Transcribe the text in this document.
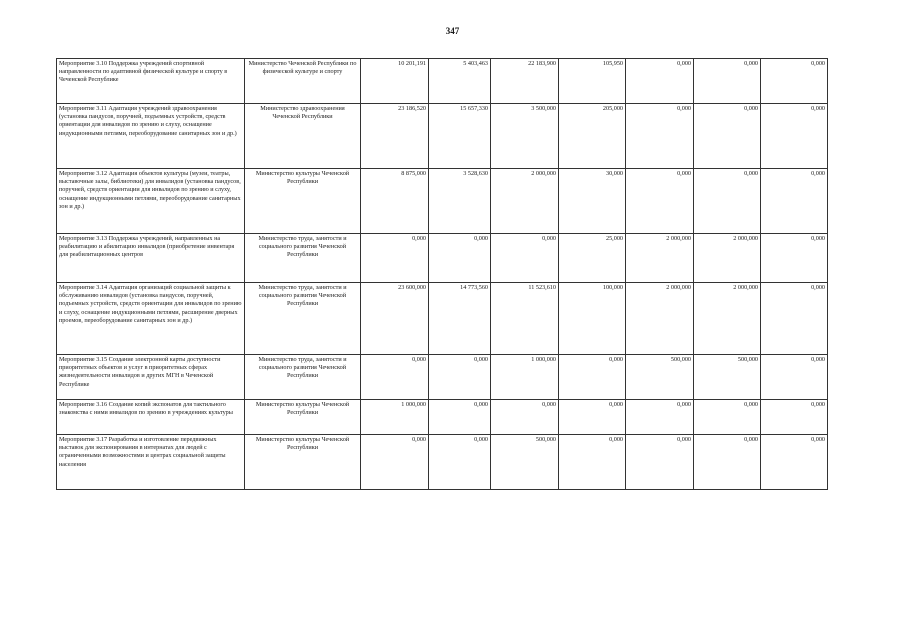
347
Мероприятие 3.10 Поддержка учреждений спортивной направленности по адаптивной физической культуре и спорту в Чеченской Республике	Министерство Чеченской Республики по физической культуре и спорту	10 201,191	5 403,463	22 183,900	105,950	0,000	0,000	0,000
Мероприятие 3.11 Адаптация учреждений здравоохранения (установка пандусов, поручней, подъемных устройств, средств ориентации для инвалидов по зрению и слуху, оснащение индукционными петлями, переоборудование санитарных зон и др.)	Министерство здравоохранения Чеченской Республики	23 186,520	15 657,330	3 500,000	205,000	0,000	0,000	0,000
Мероприятие 3.12 Адаптация объектов культуры (музеи, театры, выставочные залы, библиотеки) для инвалидов (установка пандусов, поручней, средств ориентации для инвалидов по зрению и слуху, оснащение индукционными петлями, переоборудование санитарных зон и др.)	Министерство культуры Чеченской Республики	8 875,000	3 528,630	2 000,000	30,000	0,000	0,000	0,000
Мероприятие 3.13 Поддержка учреждений, направленных на реабилитацию и абилитацию инвалидов (приобретение инвентаря для реабилитационных центров	Министерство труда, занятости и социального развития Чеченской Республики	0,000	0,000	0,000	25,000	2 000,000	2 000,000	0,000
Мероприятие 3.14 Адаптация организаций социальной защиты к обслуживанию инвалидов (установка пандусов, поручней, подъемных устройств, средств ориентации для инвалидов по зрению и слуху, оснащение индукционными петлями, расширение дверных проемов, переоборудование санитарных зон и др.)	Министерство труда, занятости и социального развития Чеченской Республики	23 600,000	14 773,560	11 523,610	100,000	2 000,000	2 000,000	0,000
Мероприятие 3.15 Создание электронной карты доступности приоритетных объектов и услуг в приоритетных сферах жизнедеятельности инвалидов и других МГН в Чеченской Республике	Министерство труда, занятости и социального развития Чеченской Республики	0,000	0,000	1 000,000	0,000	500,000	500,000	0,000
Мероприятие 3.16 Создание копий экспонатов для тактильного знакомства с ними инвалидов по зрению в учреждениях культуры	Министерство культуры Чеченской Республики	1 000,000	0,000	0,000	0,000	0,000	0,000	0,000
Мероприятие 3.17 Разработка и изготовление передвижных выставок для экспонирования в интернатах для людей с ограниченными возможностями и центрах социальной защиты населения	Министерство культуры Чеченской Республики	0,000	0,000	500,000	0,000	0,000	0,000	0,000
